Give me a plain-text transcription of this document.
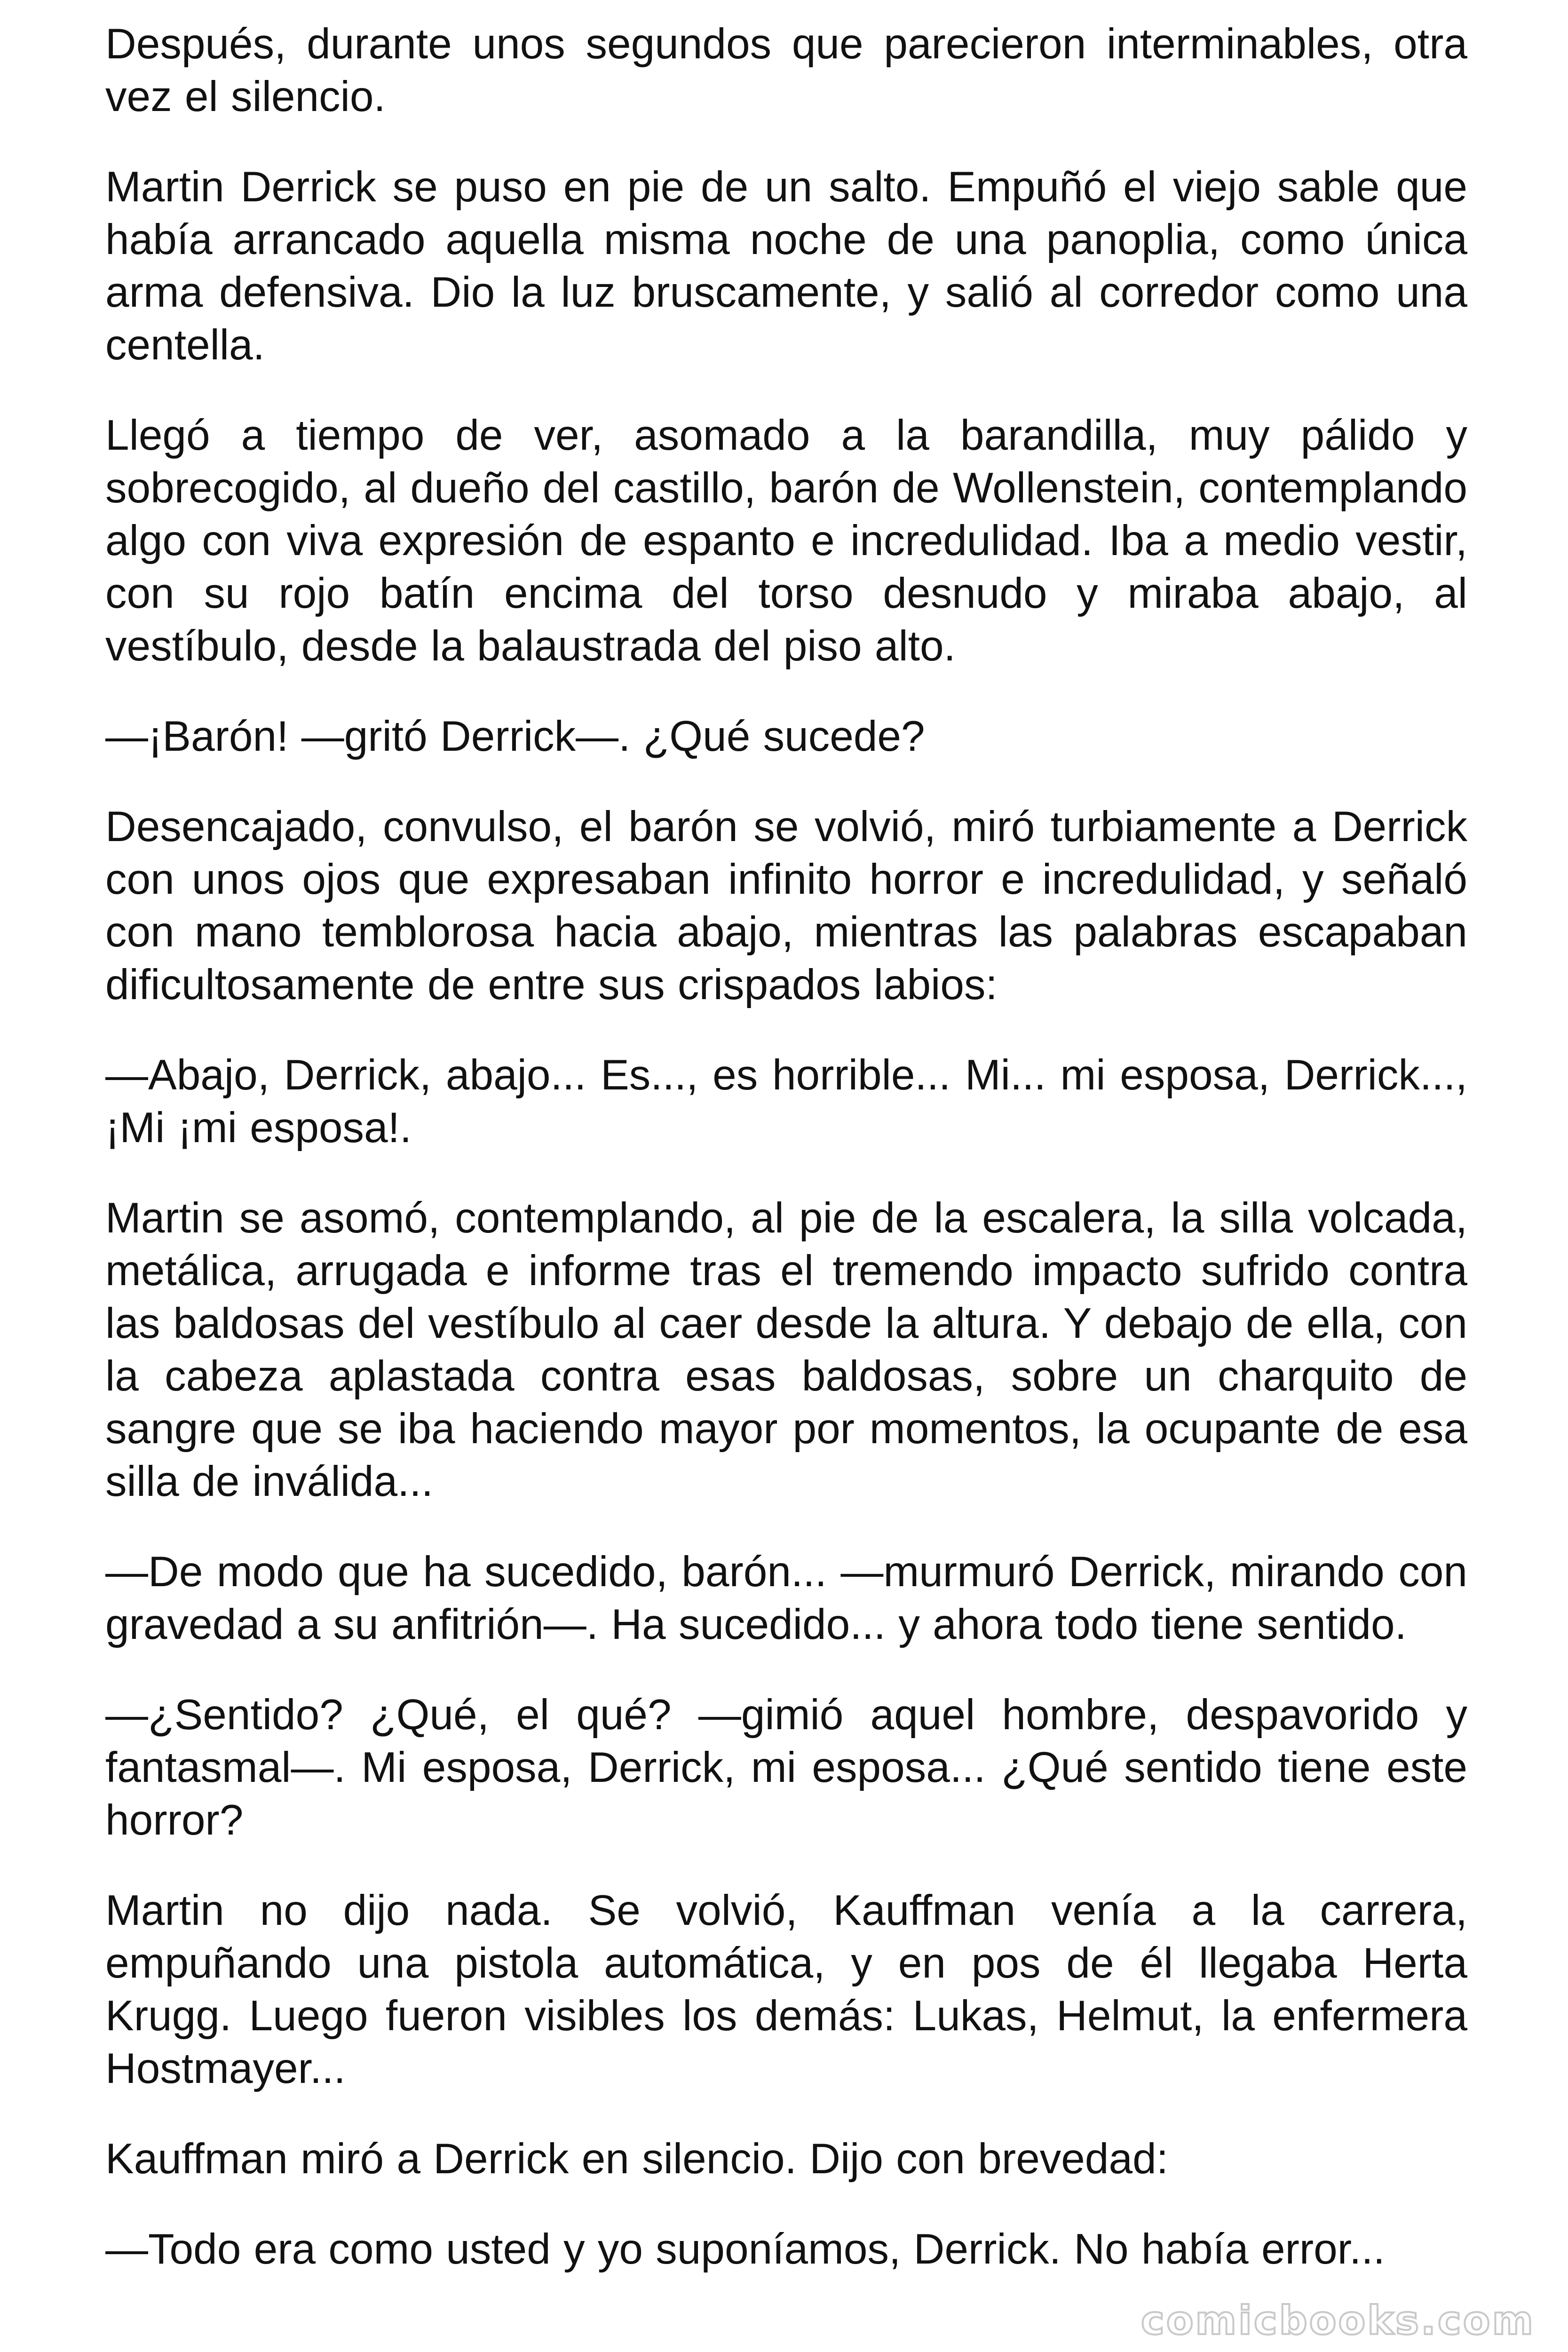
Después, durante unos segundos que parecieron interminables, otra vez el silencio.

Martin Derrick se puso en pie de un salto. Empuñó el viejo sable que había arrancado aquella misma noche de una panoplia, como única arma defensiva. Dio la luz bruscamente, y salió al corredor como una centella.

Llegó a tiempo de ver, asomado a la barandilla, muy pálido y sobrecogido, al dueño del castillo, barón de Wollenstein, contemplando algo con viva expresión de espanto e incredulidad. Iba a medio vestir, con su rojo batín encima del torso desnudo y miraba abajo, al vestíbulo, desde la balaustrada del piso alto.

—¡Barón! —gritó Derrick—. ¿Qué sucede?

Desencajado, convulso, el barón se volvió, miró turbiamente a Derrick con unos ojos que expresaban infinito horror e incredulidad, y señaló con mano temblorosa hacia abajo, mientras las palabras escapaban dificultosamente de entre sus crispados labios:

—Abajo, Derrick, abajo... Es..., es horrible... Mi... mi esposa, Derrick..., ¡Mi ¡mi esposa!.

Martin se asomó, contemplando, al pie de la escalera, la silla volcada, metálica, arrugada e informe tras el tremendo impacto sufrido contra las baldosas del vestíbulo al caer desde la altura. Y debajo de ella, con la cabeza aplastada contra esas baldosas, sobre un charquito de sangre que se iba haciendo mayor por momentos, la ocupante de esa silla de inválida...

—De modo que ha sucedido, barón... —murmuró Derrick, mirando con gravedad a su anfitrión—. Ha sucedido... y ahora todo tiene sentido.

—¿Sentido? ¿Qué, el qué? —gimió aquel hombre, despavorido y fantasmal—. Mi esposa, Derrick, mi esposa... ¿Qué sentido tiene este horror?

Martin no dijo nada. Se volvió, Kauffman venía a la carrera, empuñando una pistola automática, y en pos de él llegaba Herta Krugg. Luego fueron visibles los demás: Lukas, Helmut, la enfermera Hostmayer...

Kauffman miró a Derrick en silencio. Dijo con brevedad:

—Todo era como usted y yo suponíamos, Derrick. No había error...

comicbooks.com
